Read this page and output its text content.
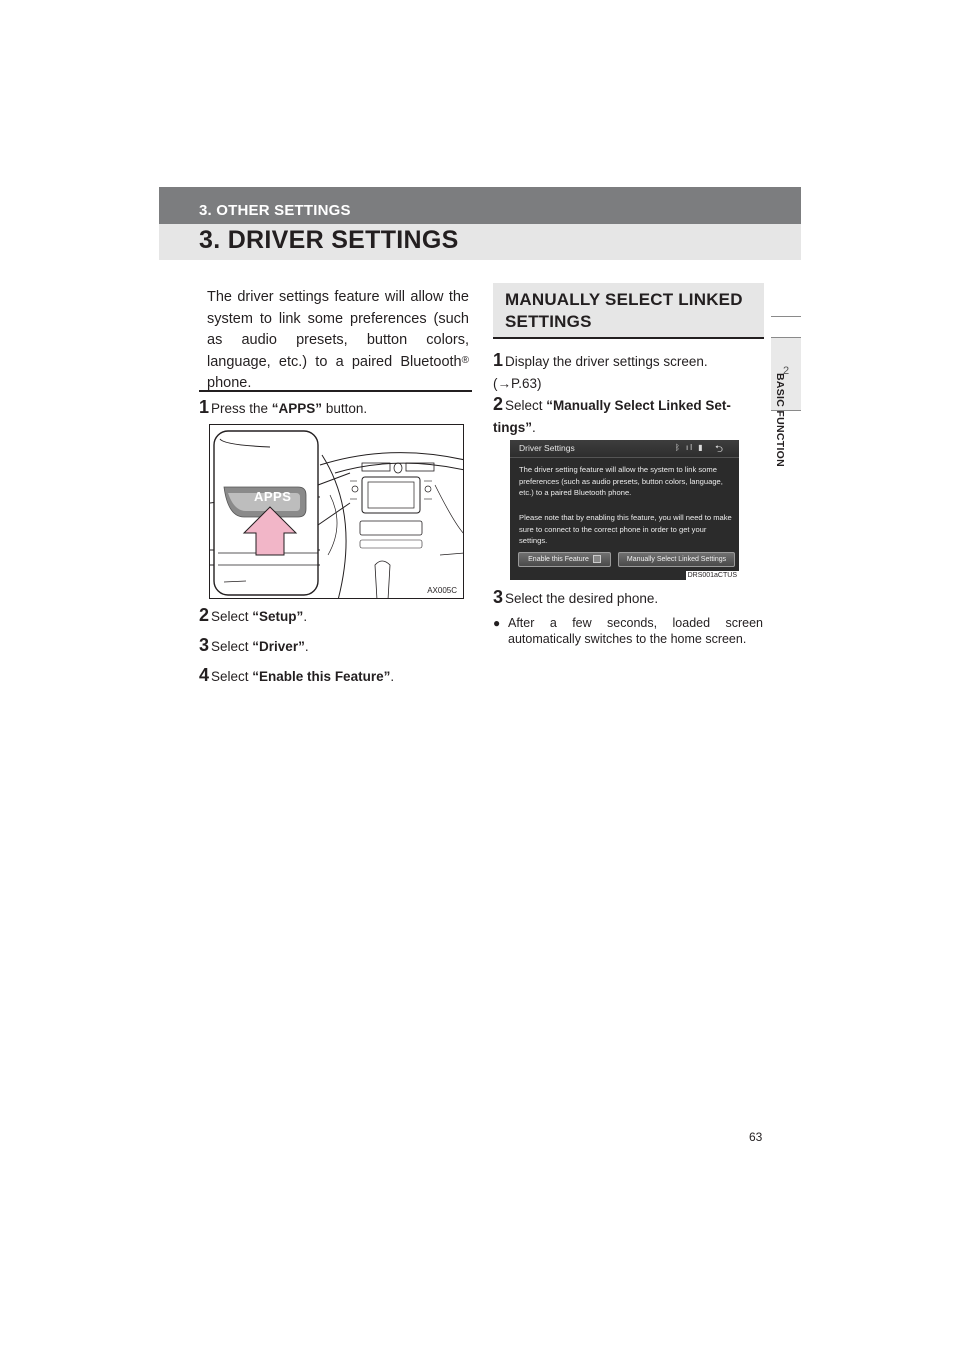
3. OTHER SETTINGS
3. DRIVER SETTINGS
2
BASIC FUNCTION

The driver settings feature will allow the system to link some preferences (such as audio presets, button colors, language, etc.) to a paired Bluetooth® phone.

1 Press the “APPS” button.
APPS
AX005C
2 Select “Setup”.
3 Select “Driver”.
4 Select “Enable this Feature”.
MANUALLY SELECT LINKED SETTINGS
1 Display the driver settings screen.
(→P.63)
2 Select “Manually Select Linked Set-
tings”.
Driver Settings	ᛒ ıl ▮ ⮌
The driver setting feature will allow the system to link some preferences (such as audio presets, button colors, language, etc.) to a paired Bluetooth phone.
Please note that by enabling this feature, you will need to make sure to connect to the correct phone in order to get your settings.
Enable this Feature	Manually Select Linked Settings
DRS001aCTUS
3 Select the desired phone.
● After a few seconds, loaded screen automatically switches to the home screen.
63
